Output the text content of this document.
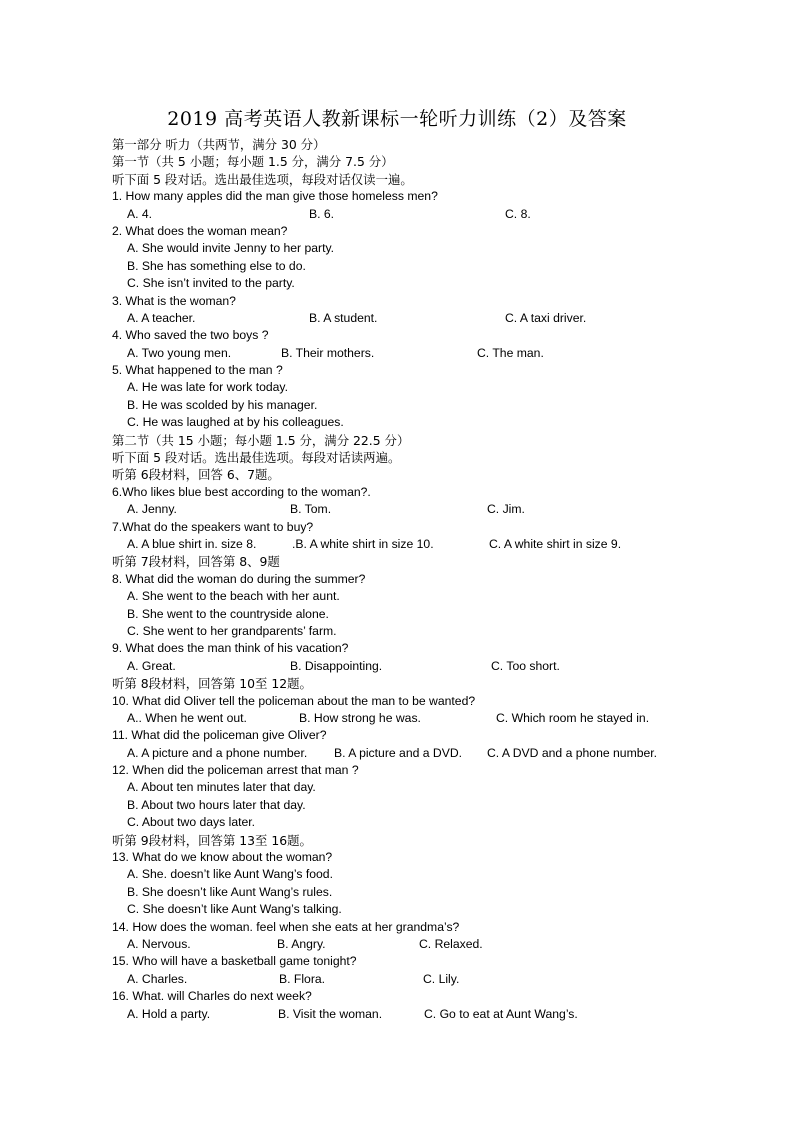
2019 高考英语人教新课标一轮听力训练（2）及答案
第一部分 听力（共两节，满分 30 分）
第一节（共 5 小题；每小题 1.5 分，满分 7.5 分）
听下面 5 段对话。选出最佳选项，每段对话仅读一遍。
1. How many apples did the man give those homeless men?
A. 4.	B. 6.	C. 8.
2. What does the woman mean?
A. She would invite Jenny to her party.
B. She has something else to do.
C. She isn’t invited to the party.
3. What is the woman?
A. A teacher.	B. A student.	C. A taxi driver.
4. Who saved the two boys ?
A. Two young men.	B. Their mothers.	C. The man.
5. What happened to the man ?
A. He was late for work today.
B. He was scolded by his manager.
C. He was laughed at by his colleagues.
第二节（共 15 小题；每小题 1.5 分，满分 22.5 分）
听下面 5 段对话。选出最佳选项。每段对话读两遍。
听第 6段材料，回答 6、7题。
6.Who likes blue best according to the woman?.
A. Jenny.	B. Tom.	C. Jim.
7.What do the speakers want to buy?
A. A blue shirt in. size 8.	.B. A white shirt in size 10.	C. A white shirt in size 9.
听第 7段材料，回答第 8、9题
8. What did the woman do during the summer?
A. She went to the beach with her aunt.
B. She went to the countryside alone.
C. She went to her grandparents’ farm.
9. What does the man think of his vacation?
A. Great.	B. Disappointing.	C. Too short.
听第 8段材料，回答第 10至 12题。
10. What did Oliver tell the policeman about the man to be wanted?
A.. When he went out.	B. How strong he was.	C. Which room he stayed in.
11. What did the policeman give Oliver?
A. A picture and a phone number. B. A picture and a DVD. C. A DVD and a phone number.
12. When did the policeman arrest that man ?
A. About ten minutes later that day.
B. About two hours later that day.
C. About two days later.
听第 9段材料，回答第 13至 16题。
13. What do we know about the woman?
A. She. doesn’t like Aunt Wang’s food.
B. She doesn’t like Aunt Wang’s rules.
C. She doesn’t like Aunt Wang’s talking.
14. How does the woman. feel when she eats at her grandma’s?
A. Nervous.	B. Angry.	C. Relaxed.
15. Who will have a basketball game tonight?
A. Charles.	B. Flora.	C. Lily.
16. What. will Charles do next week?
A. Hold a party.	B. Visit the woman.	C. Go to eat at Aunt Wang’s.
